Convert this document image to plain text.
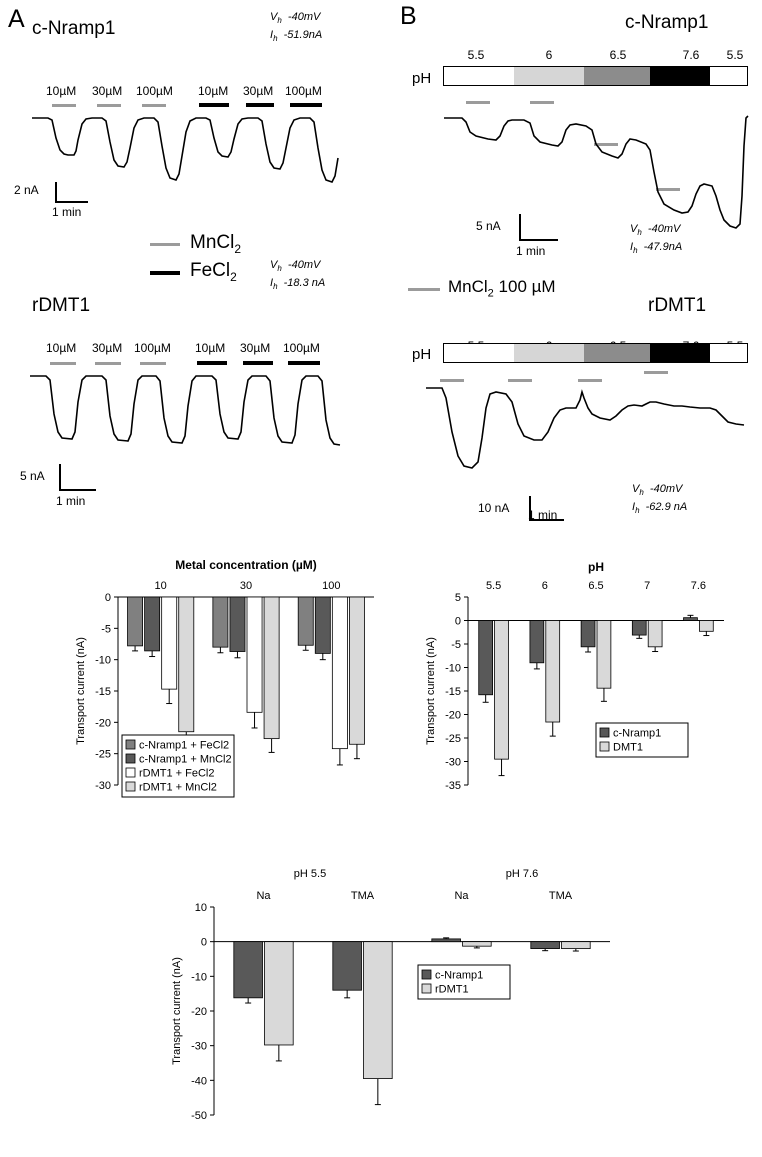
A c-Nramp1
$V_h$ -40mV
$I_h$ -51.9nA
10µM 30µM 100µM 10µM 30µM 100µM
2 nA
1 min
MnCl$_2$
FeCl$_2$
$V_h$ -40mV
$I_h$ -18.3 nA
rDMT1
10µM 30µM 100µM 10µM 30µM 100µM
5 nA
1 min
B	c-Nramp1
5.5	6	6.5	7.6 5.5
pH
5 nA
1 min
$V_h$ -40mV
$I_h$ -47.9nA
MnCl$_2$ 100 µM
rDMT1
pH
10 nA 1 min
$V_h$ -40mV
$I_h$ -62.9 nA
0
-5
-10
-15
-20
-25
-30
10	30	100
Transport current (nA)
Metal concentration (µM)
c-Nramp1 + FeCl2
c-Nramp1 + MnCl2
rDMT1 + FeCl2
rDMT1 + MnCl2
5
0
-5
-10
-15
-20
-25
-30
-35
5.5	6	6.5	7	7.6
Transport current (nA)
pH
c-Nramp1
DMT1
10
0
-10
-20
-30
-40
-50
Na	TMA	Na	TMA
Transport current (nA)	c-Nramp1
rDMT1
pH 5.5	pH 7.6
